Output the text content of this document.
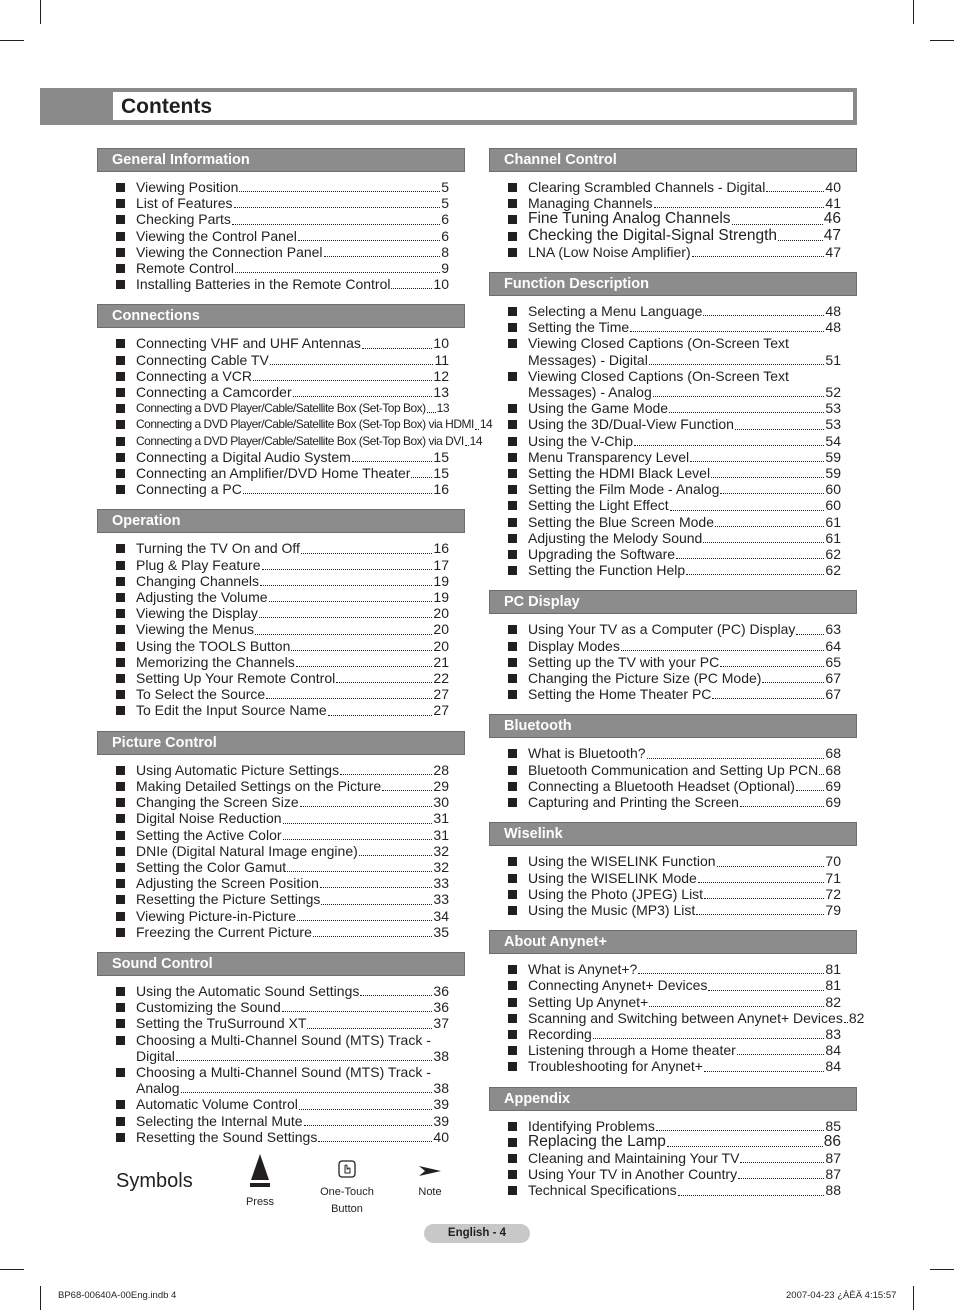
Contents
General Information
Viewing Position	5
List of Features	5
Checking Parts	6
Viewing the Control Panel	6
Viewing the Connection Panel	8
Remote Control	9
Installing Batteries in the Remote Control	10
Connections
Connecting VHF and UHF Antennas	10
Connecting Cable TV	11
Connecting a VCR	12
Connecting a Camcorder	13
Connecting a DVD Player/Cable/Satellite Box (Set-Top Box) 13
Connecting a DVD Player/Cable/Satellite Box (Set-Top Box) via HDMI 14
Connecting a DVD Player/Cable/Satellite Box (Set-Top Box) via DVI 14
Connecting a Digital Audio System	15
Connecting an Amplifier/DVD Home Theater 15
Connecting a PC	16
Operation
Turning the TV On and Off	16
Plug & Play Feature	17
Changing Channels	19
Adjusting the Volume	19
Viewing the Display	20
Viewing the Menus	20
Using the TOOLS Button	20
Memorizing the Channels	21
Setting Up Your Remote Control	22
To Select the Source	27
To Edit the Input Source Name	27
Picture Control
Using Automatic Picture Settings	28
Making Detailed Settings on the Picture	29
Changing the Screen Size	30
Digital Noise Reduction	31
Setting the Active Color	31
DNIe (Digital Natural Image engine)	32
Setting the Color Gamut	32
Adjusting the Screen Position	33
Resetting the Picture Settings	33
Viewing Picture-in-Picture	34
Freezing the Current Picture	35
Sound Control
Using the Automatic Sound Settings	36
Customizing the Sound	36
Setting the TruSurround XT	37
Choosing a Multi-Channel Sound (MTS) Track -
Digital	38
Choosing a Multi-Channel Sound (MTS) Track -
Analog	38
Automatic Volume Control	39
Selecting the Internal Mute	39
Resetting the Sound Settings	40
Channel Control
Clearing Scrambled Channels - Digital	40
Managing Channels	41
Fine Tuning Analog Channels	46
Checking the Digital-Signal Strength	47
LNA (Low Noise Amplifier)	47
Function Description
Selecting a Menu Language	48
Setting the Time	48
Viewing Closed Captions (On-Screen Text
Messages) - Digital	51
Viewing Closed Captions (On-Screen Text
Messages) - Analog	52
Using the Game Mode	53
Using the 3D/Dual-View Function	53
Using the V-Chip	54
Menu Transparency Level	59
Setting the HDMI Black Level	59
Setting the Film Mode - Analog	60
Setting the Light Effect	60
Setting the Blue Screen Mode	61
Adjusting the Melody Sound	61
Upgrading the Software	62
Setting the Function Help	62
PC Display
Using Your TV as a Computer (PC) Display 63
Display Modes	64
Setting up the TV with your PC	65
Changing the Picture Size (PC Mode)	67
Setting the Home Theater PC	67
Bluetooth
What is Bluetooth?	68
Bluetooth Communication and Setting Up PCN 68
Connecting a Bluetooth Headset (Optional) 69
Capturing and Printing the Screen	69
Wiselink
Using the WISELINK Function	70
Using the WISELINK Mode	71
Using the Photo (JPEG) List	72
Using the Music (MP3) List	79
About Anynet+
What is Anynet+?	81
Connecting Anynet+ Devices	81
Setting Up Anynet+	82
Scanning and Switching between Anynet+ Devices 82
Recording	83
Listening through a Home theater	84
Troubleshooting for Anynet+	84
Appendix
Identifying Problems	85
Replacing the Lamp	86
Cleaning and Maintaining Your TV	87
Using Your TV in Another Country	87
Technical Specifications	88
Symbols
Press
One-Touch
Button
Note
English - 4
BP68-00640A-00Eng.indb 4	2007-04-23 ¿ÀÈÄ 4:15:57
